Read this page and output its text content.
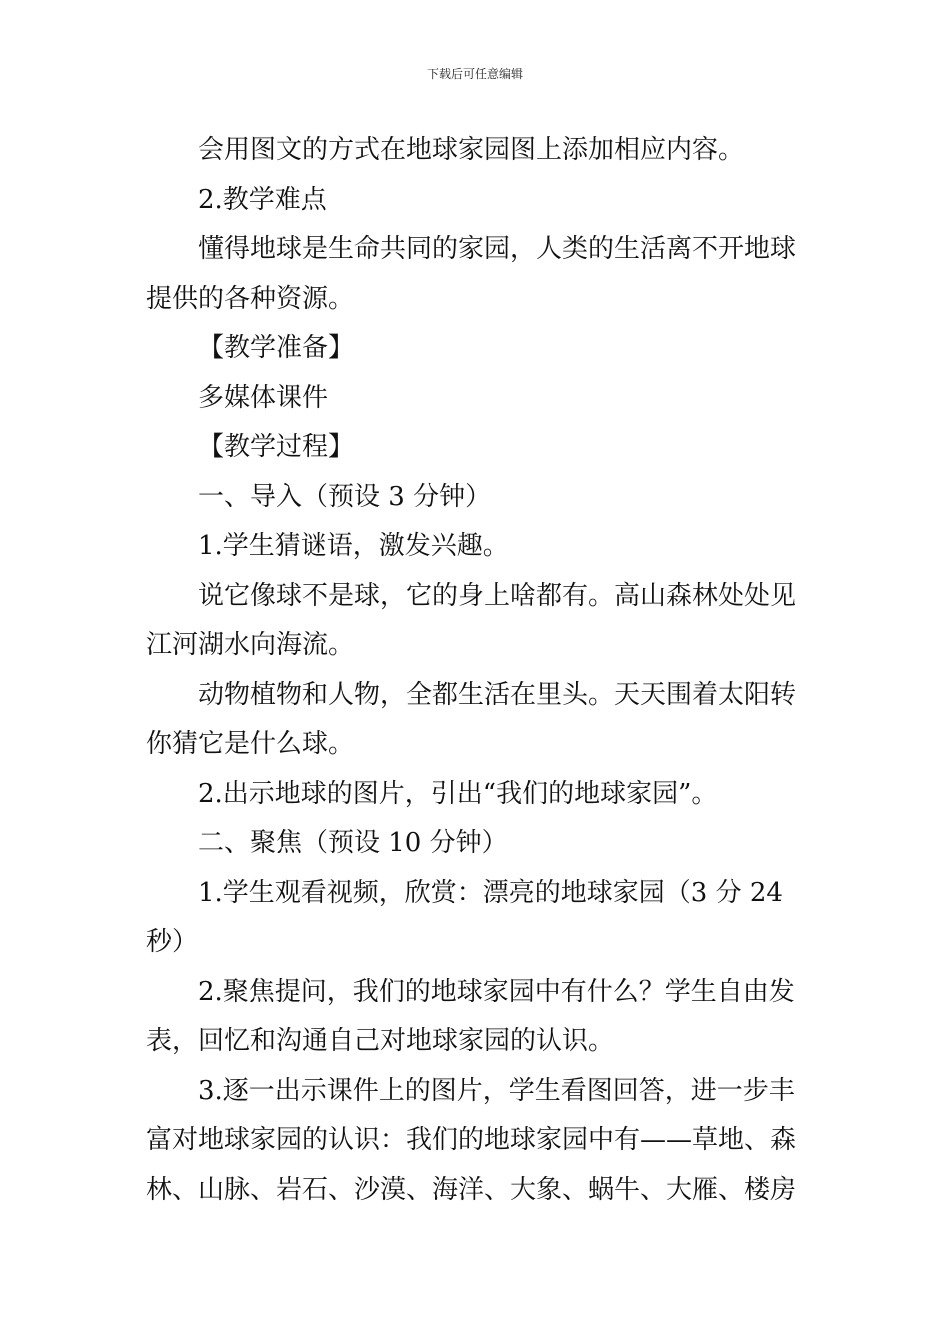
下载后可任意编辑

会用图文的方式在地球家园图上添加相应内容。

2.教学难点

懂得地球是生命共同的家园，人类的生活离不开地球

提供的各种资源。

【教学准备】

多媒体课件

【教学过程】

一、导入（预设 3 分钟）

1.学生猜谜语，激发兴趣。

说它像球不是球，它的身上啥都有。高山森林处处见

江河湖水向海流。

动物植物和人物，全都生活在里头。天天围着太阳转

你猜它是什么球。

2.出示地球的图片，引出“我们的地球家园”。

二、聚焦（预设 10 分钟）

1.学生观看视频，欣赏：漂亮的地球家园（3 分 24

秒）

2.聚焦提问，我们的地球家园中有什么？学生自由发

表，回忆和沟通自己对地球家园的认识。

3.逐一出示课件上的图片，学生看图回答，进一步丰

富对地球家园的认识：我们的地球家园中有——草地、森

林、山脉、岩石、沙漠、海洋、大象、蜗牛、大雁、楼房
